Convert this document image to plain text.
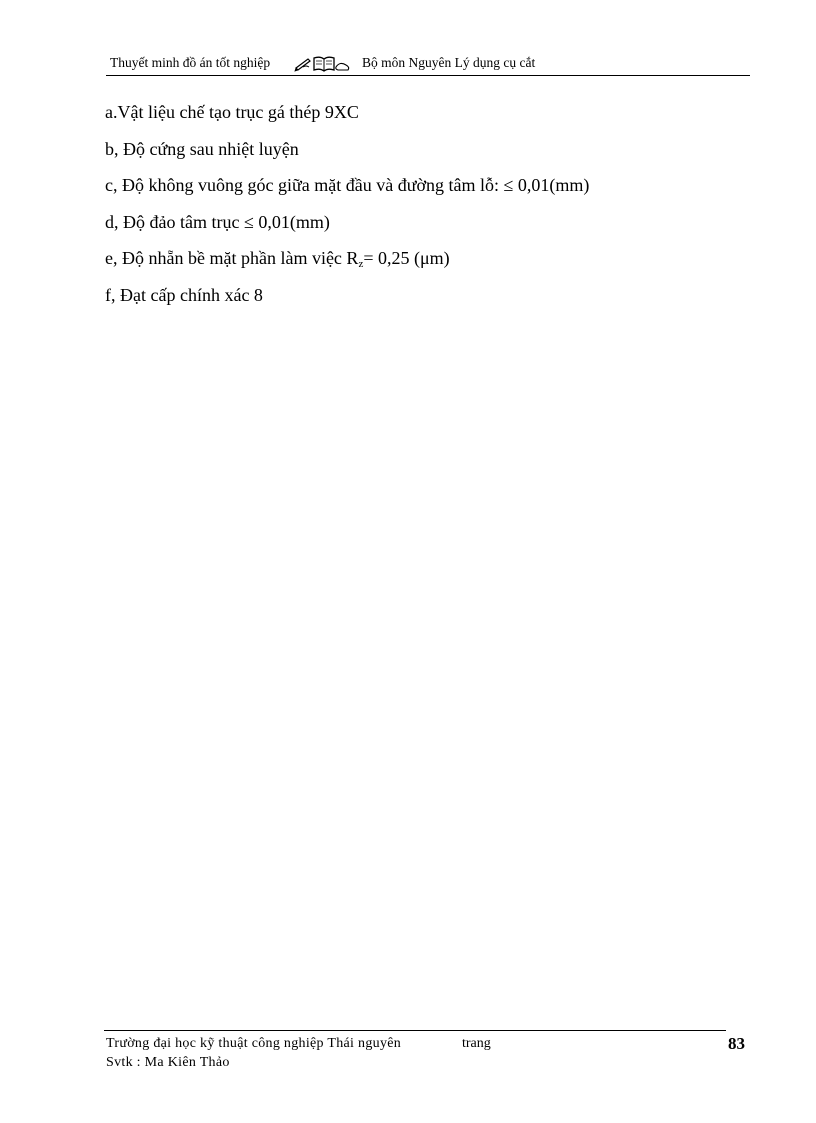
Thuyết minh đồ án tốt nghiệp	Bộ môn Nguyên Lý dụng cụ cắt
a.Vật liệu chế tạo trục gá thép 9XC
b, Độ cứng sau nhiệt luyện
c, Độ không vuông góc giữa mặt đầu và đường tâm lỗ: ≤ 0,01(mm)
d, Độ đảo tâm trục ≤ 0,01(mm)
e, Độ nhẵn bề mặt phần làm việc $R_z= 0,25$ (μm)
f, Đạt cấp chính xác 8
Trường đại học kỹ thuật công nghiệp Thái nguyên	trang	83
Svtk : Ma Kiên Thảo
